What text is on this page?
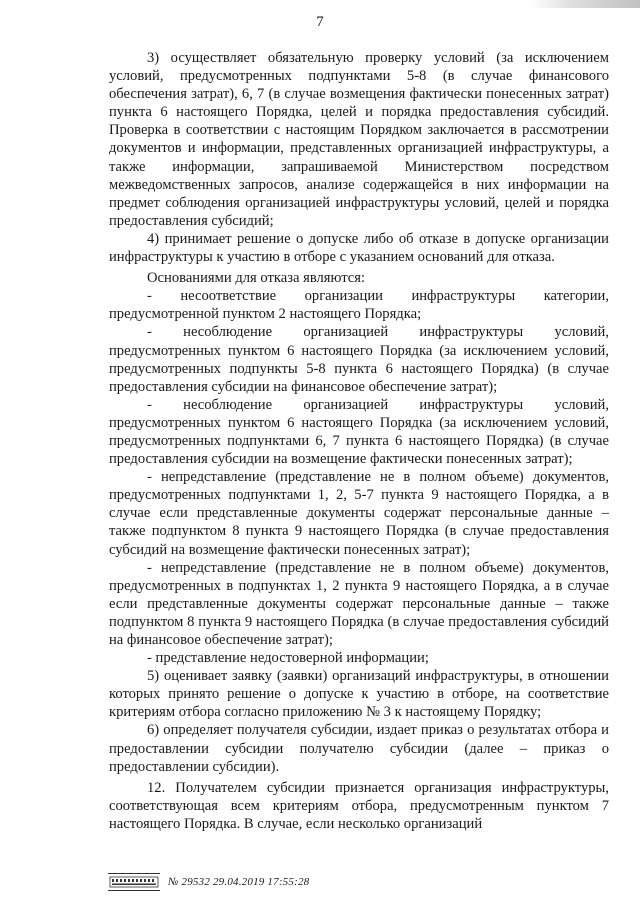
7

3) осуществляет обязательную проверку условий (за исключением условий, предусмотренных подпунктами 5-8 (в случае финансового обеспечения затрат), 6, 7 (в случае возмещения фактически понесенных затрат) пункта 6 настоящего Порядка, целей и порядка предоставления субсидий. Проверка в соответствии с настоящим Порядком заключается в рассмотрении документов и информации, представленных организацией инфраструктуры, а также информации, запрашиваемой Министерством посредством межведомственных запросов, анализе содержащейся в них информации на предмет соблюдения организацией инфраструктуры условий, целей и порядка предоставления субсидий;

4) принимает решение о допуске либо об отказе в допуске организации инфраструктуры к участию в отборе с указанием оснований для отказа.

Основаниями для отказа являются:

- несоответствие организации инфраструктуры категории, предусмотренной пунктом 2 настоящего Порядка;

- несоблюдение организацией инфраструктуры условий, предусмотренных пунктом 6 настоящего Порядка (за исключением условий, предусмотренных подпункты 5-8 пункта 6 настоящего Порядка) (в случае предоставления субсидии на финансовое обеспечение затрат);

- несоблюдение организацией инфраструктуры условий, предусмотренных пунктом 6 настоящего Порядка (за исключением условий, предусмотренных подпунктами 6, 7 пункта 6 настоящего Порядка) (в случае предоставления субсидии на возмещение фактически понесенных затрат);

- непредставление (представление не в полном объеме) документов, предусмотренных подпунктами 1, 2, 5-7 пункта 9 настоящего Порядка, а в случае если представленные документы содержат персональные данные – также подпунктом 8 пункта 9 настоящего Порядка (в случае предоставления субсидий на возмещение фактически понесенных затрат);

- непредставление (представление не в полном объеме) документов, предусмотренных в подпунктах 1, 2 пункта 9 настоящего Порядка, а в случае если представленные документы содержат персональные данные – также подпунктом 8 пункта 9 настоящего Порядка (в случае предоставления субсидий на финансовое обеспечение затрат);

- представление недостоверной информации;

5) оценивает заявку (заявки) организаций инфраструктуры, в отношении которых принято решение о допуске к участию в отборе, на соответствие критериям отбора согласно приложению № 3 к настоящему Порядку;

6) определяет получателя субсидии, издает приказ о результатах отбора и предоставлении субсидии получателю субсидии (далее – приказ о предоставлении субсидии).

12. Получателем субсидии признается организация инфраструктуры, соответствующая всем критериям отбора, предусмотренным пунктом 7 настоящего Порядка. В случае, если несколько организаций

№ 29532 29.04.2019 17:55:28
